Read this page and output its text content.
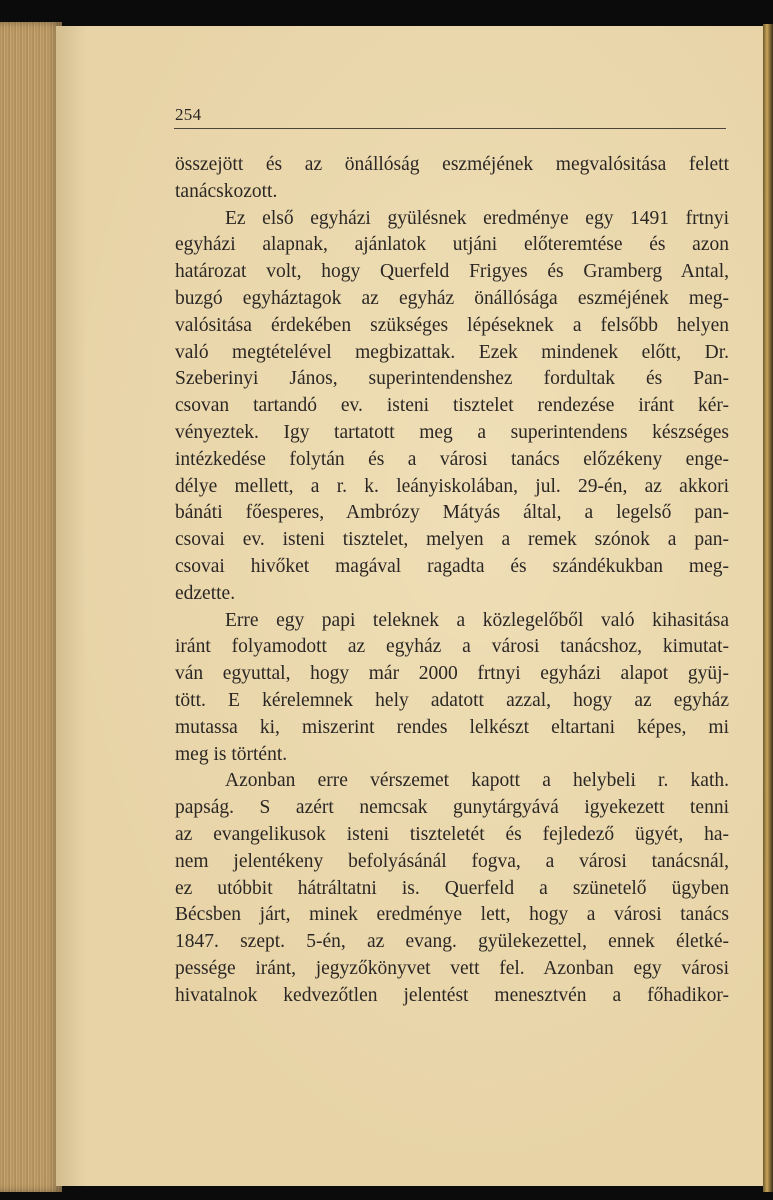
254
összejött és az önállóság eszméjének megvalósitása felett
tanácskozott.
Ez első egyházi gyülésnek eredménye egy 1491 frtnyi
egyházi alapnak, ajánlatok utjáni előteremtése és azon
határozat volt, hogy Querfeld Frigyes és Gramberg Antal,
buzgó egyháztagok az egyház önállósága eszméjének meg-
valósitása érdekében szükséges lépéseknek a felsőbb helyen
való megtételével megbizattak. Ezek mindenek előtt, Dr.
Szeberinyi János, superintendenshez fordultak és Pan-
csovan tartandó ev. isteni tisztelet rendezése iránt kér-
vényeztek. Igy tartatott meg a superintendens készséges
intézkedése folytán és a városi tanács előzékeny enge-
délye mellett, a r. k. leányiskolában, jul. 29-én, az akkori
bánáti főesperes, Ambrózy Mátyás által, a legelső pan-
csovai ev. isteni tisztelet, melyen a remek szónok a pan-
csovai hivőket magával ragadta és szándékukban meg-
edzette.
Erre egy papi teleknek a közlegelőből való kihasitása
iránt folyamodott az egyház a városi tanácshoz, kimutat-
ván egyuttal, hogy már 2000 frtnyi egyházi alapot gyüj-
tött. E kérelemnek hely adatott azzal, hogy az egyház
mutassa ki, miszerint rendes lelkészt eltartani képes, mi
meg is történt.
Azonban erre vérszemet kapott a helybeli r. kath.
papság. S azért nemcsak gunytárgyává igyekezett tenni
az evangelikusok isteni tiszteletét és fejledező ügyét, ha-
nem jelentékeny befolyásánál fogva, a városi tanácsnál,
ez utóbbit hátráltatni is. Querfeld a szünetelő ügyben
Bécsben járt, minek eredménye lett, hogy a városi tanács
1847. szept. 5-én, az evang. gyülekezettel, ennek életké-
pessége iránt, jegyzőkönyvet vett fel. Azonban egy városi
hivatalnok kedvezőtlen jelentést menesztvén a főhadikor-
